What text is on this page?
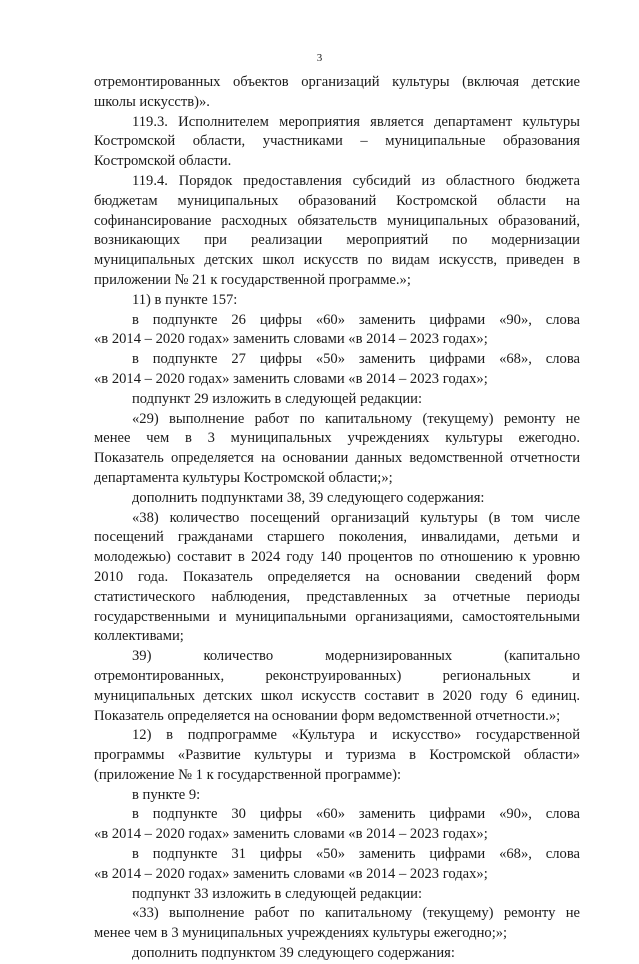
3
отремонтированных объектов организаций культуры (включая детские
школы искусств)».
119.3. Исполнителем мероприятия является департамент культуры
Костромской области, участниками – муниципальные образования
Костромской области.
119.4. Порядок предоставления субсидий из областного бюджета
бюджетам муниципальных образований Костромской области на
софинансирование расходных обязательств муниципальных образований,
возникающих при реализации мероприятий по модернизации
муниципальных детских школ искусств по видам искусств, приведен в
приложении № 21 к государственной программе.»;
11) в пункте 157:
в подпункте 26 цифры «60» заменить цифрами «90», слова
«в 2014 – 2020 годах» заменить словами «в 2014 – 2023 годах»;
в подпункте 27 цифры «50» заменить цифрами «68», слова
«в 2014 – 2020 годах» заменить словами «в 2014 – 2023 годах»;
подпункт 29 изложить в следующей редакции:
«29) выполнение работ по капитальному (текущему) ремонту не
менее чем в 3 муниципальных учреждениях культуры ежегодно.
Показатель определяется на основании данных ведомственной отчетности
департамента культуры Костромской области;»;
дополнить подпунктами 38, 39 следующего содержания:
«38) количество посещений организаций культуры (в том числе
посещений гражданами старшего поколения, инвалидами, детьми и
молодежью) составит в 2024 году 140 процентов по отношению к уровню
2010 года. Показатель определяется на основании сведений форм
статистического наблюдения, представленных за отчетные периоды
государственными и муниципальными организациями, самостоятельными
коллективами;
39) количество модернизированных (капитально
отремонтированных, реконструированных) региональных и
муниципальных детских школ искусств составит в 2020 году 6 единиц.
Показатель определяется на основании форм ведомственной отчетности.»;
12) в подпрограмме «Культура и искусство» государственной
программы «Развитие культуры и туризма в Костромской области»
(приложение № 1 к государственной программе):
в пункте 9:
в подпункте 30 цифры «60» заменить цифрами «90», слова
«в 2014 – 2020 годах» заменить словами «в 2014 – 2023 годах»;
в подпункте 31 цифры «50» заменить цифрами «68», слова
«в 2014 – 2020 годах» заменить словами «в 2014 – 2023 годах»;
подпункт 33 изложить в следующей редакции:
«33) выполнение работ по капитальному (текущему) ремонту не
менее чем в 3 муниципальных учреждениях культуры ежегодно;»;
дополнить подпунктом 39 следующего содержания:
